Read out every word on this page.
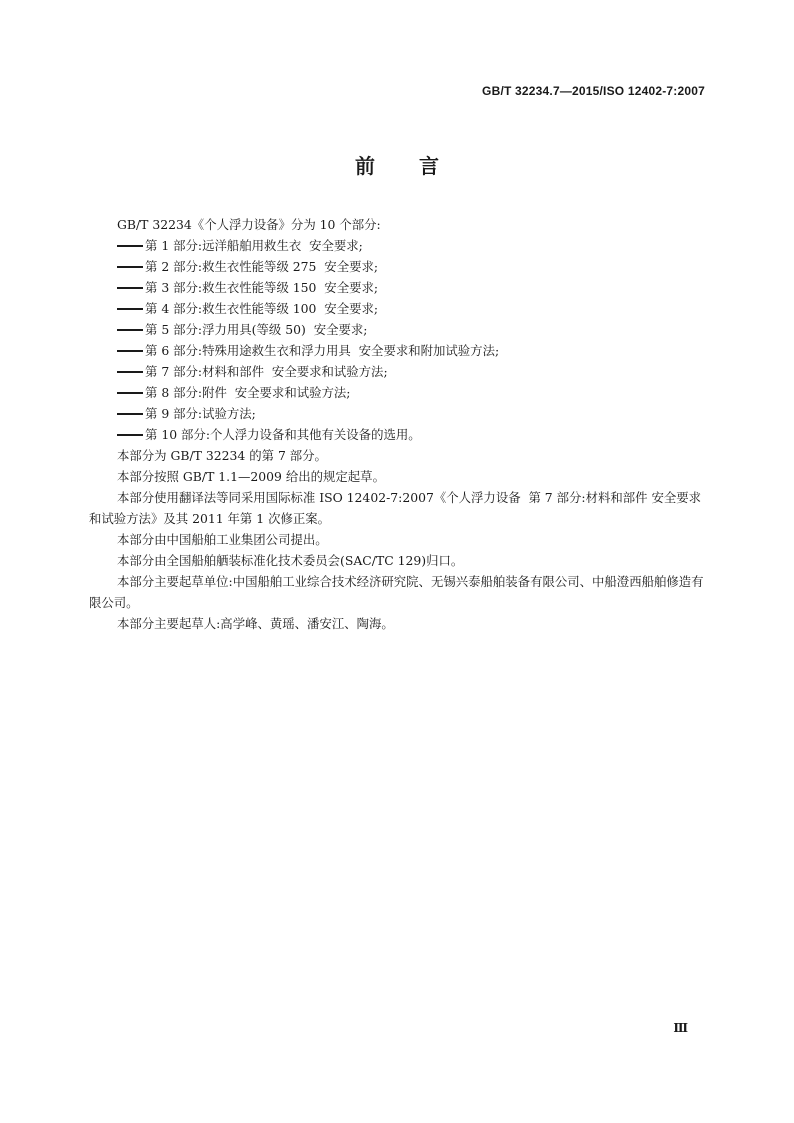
GB/T 32234.7—2015/ISO 12402-7:2007
前言

GB/T 32234《个人浮力设备》分为 10 个部分:

第 1 部分:远洋船舶用救生衣  安全要求;

第 2 部分:救生衣性能等级 275  安全要求;

第 3 部分:救生衣性能等级 150  安全要求;

第 4 部分:救生衣性能等级 100  安全要求;

第 5 部分:浮力用具(等级 50)  安全要求;

第 6 部分:特殊用途救生衣和浮力用具  安全要求和附加试验方法;

第 7 部分:材料和部件  安全要求和试验方法;

第 8 部分:附件  安全要求和试验方法;

第 9 部分:试验方法;

第 10 部分:个人浮力设备和其他有关设备的选用。

本部分为 GB/T 32234 的第 7 部分。

本部分按照 GB/T 1.1—2009 给出的规定起草。

本部分使用翻译法等同采用国际标准 ISO 12402-7:2007《个人浮力设备  第 7 部分:材料和部件 安全要求和试验方法》及其 2011 年第 1 次修正案。

本部分由中国船舶工业集团公司提出。

本部分由全国船舶舾装标准化技术委员会(SAC/TC 129)归口。

本部分主要起草单位:中国船舶工业综合技术经济研究院、无锡兴泰船舶装备有限公司、中船澄西船舶修造有限公司。

本部分主要起草人:高学峰、黄瑶、潘安江、陶海。

Ⅲ
